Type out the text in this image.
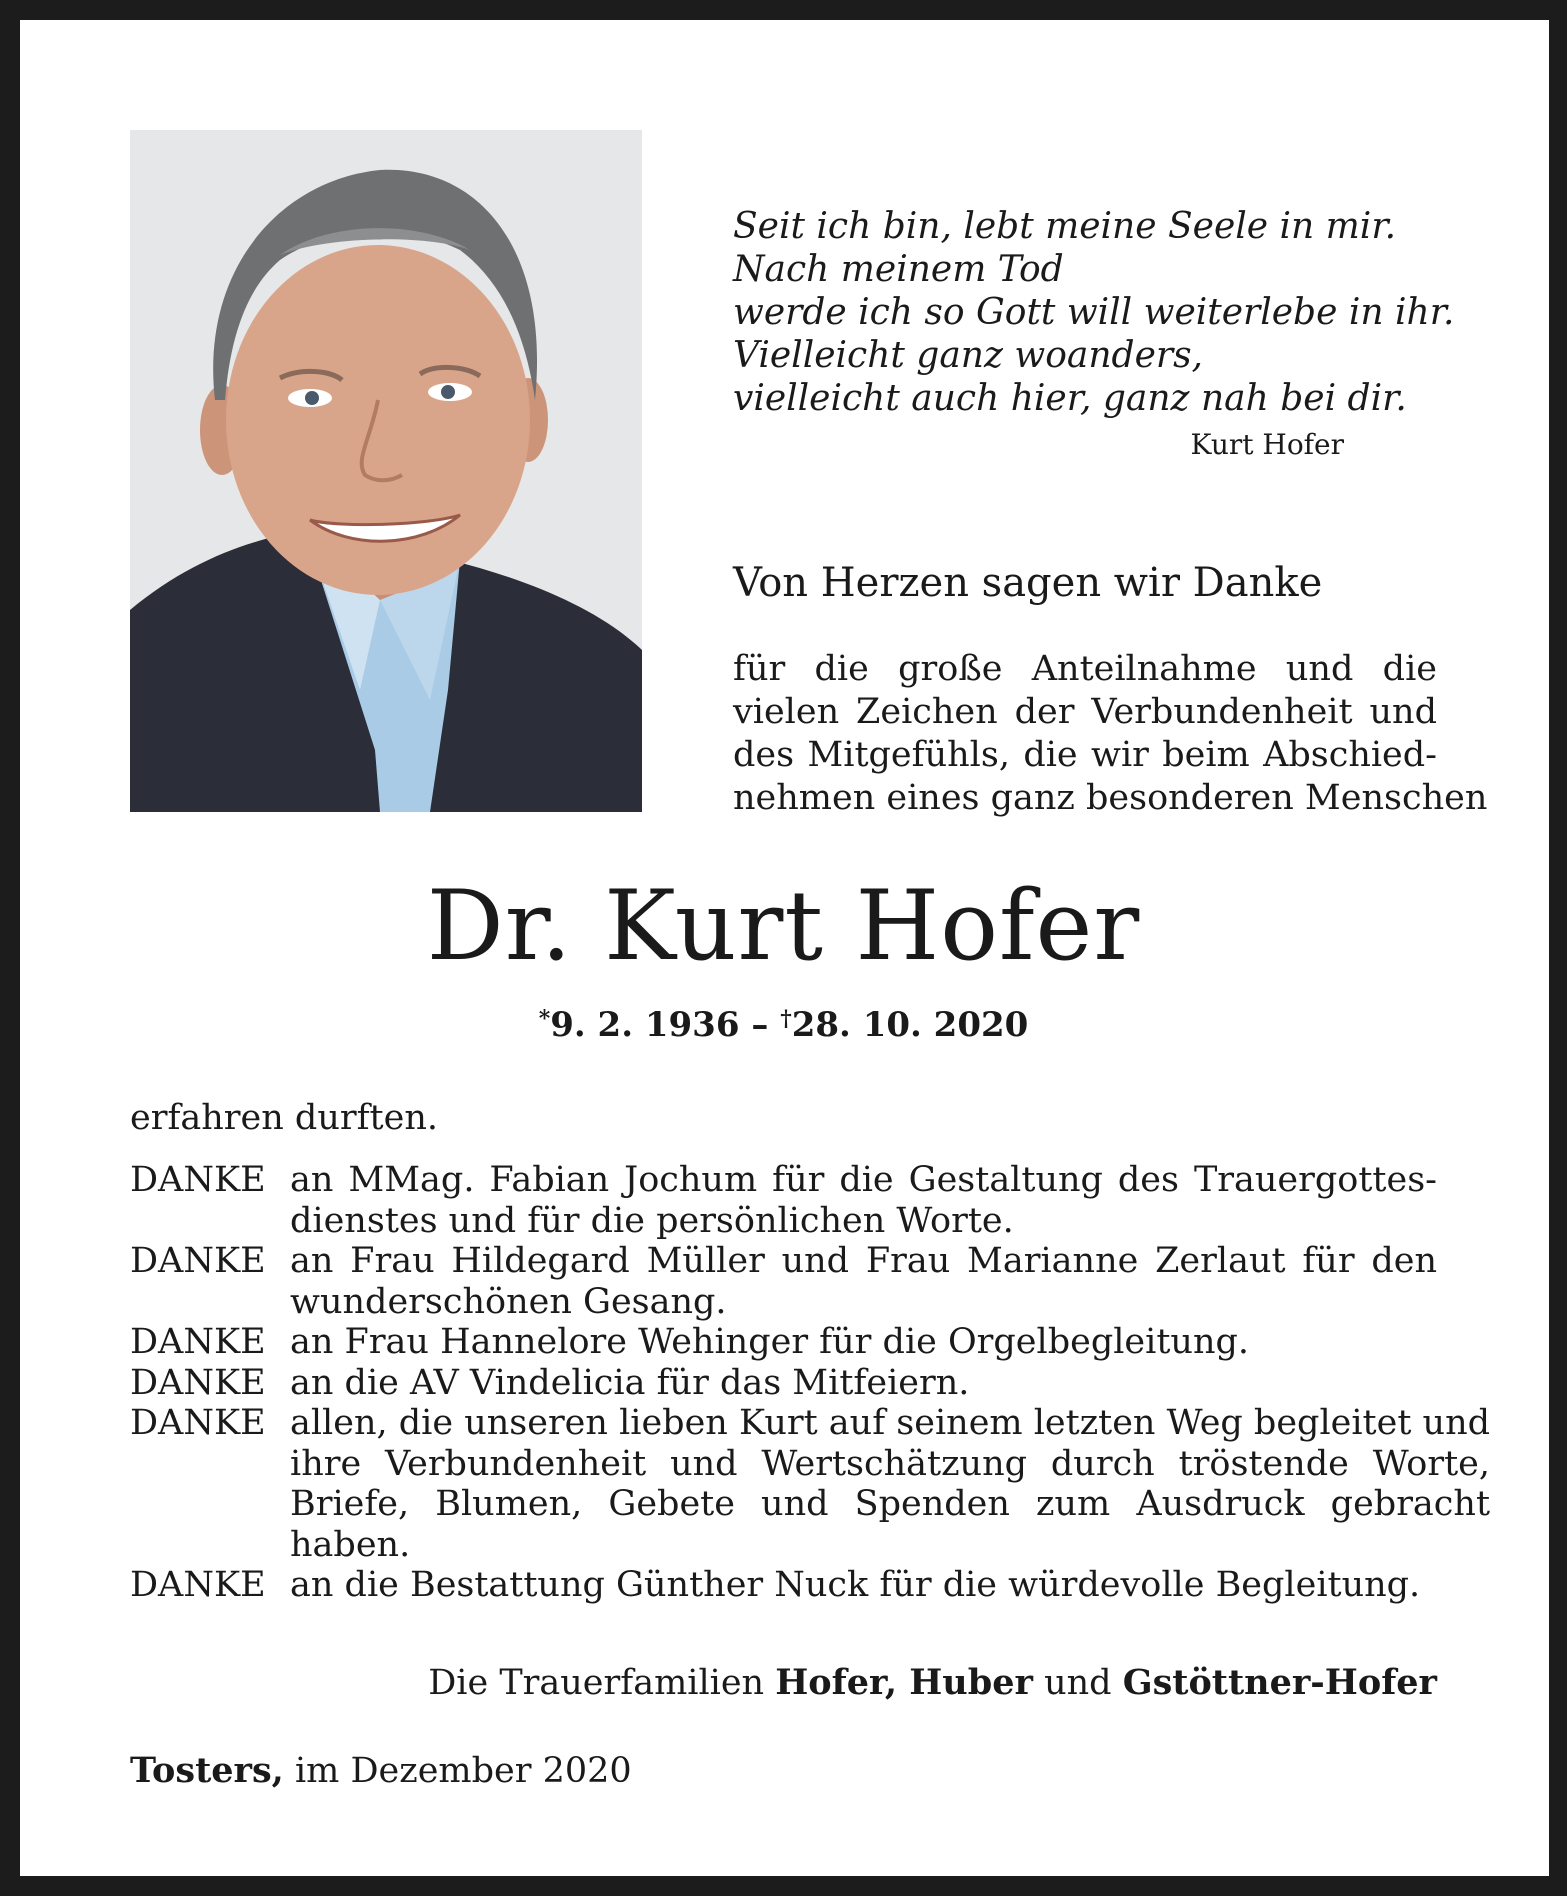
Seit ich bin, lebt meine Seele in mir.
Nach meinem Tod
werde ich so Gott will weiterlebe in ihr.
Vielleicht ganz woanders,
vielleicht auch hier, ganz nah bei dir.
Kurt Hofer
Von Herzen sagen wir Danke
für die große Anteilnahme und die
vielen Zeichen der Verbundenheit und
des Mitgefühls, die wir beim Abschied-
nehmen eines ganz besonderen Menschen
Dr. Kurt Hofer
*9. 2. 1936 – †28. 10. 2020
erfahren durften.
DANKE an MMag. Fabian Jochum für die Gestaltung des Trauergottes-
dienstes und für die persönlichen Worte.
DANKE an Frau Hildegard Müller und Frau Marianne Zerlaut für den
wunderschönen Gesang.
DANKE an Frau Hannelore Wehinger für die Orgelbegleitung.
DANKE an die AV Vindelicia für das Mitfeiern.
DANKE allen, die unseren lieben Kurt auf seinem letzten Weg begleitet und
ihre Verbundenheit und Wertschätzung durch tröstende Worte,
Briefe, Blumen, Gebete und Spenden zum Ausdruck gebracht
haben.
DANKE an die Bestattung Günther Nuck für die würdevolle Begleitung.
Die Trauerfamilien Hofer, Huber und Gstöttner-Hofer
Tosters, im Dezember 2020
